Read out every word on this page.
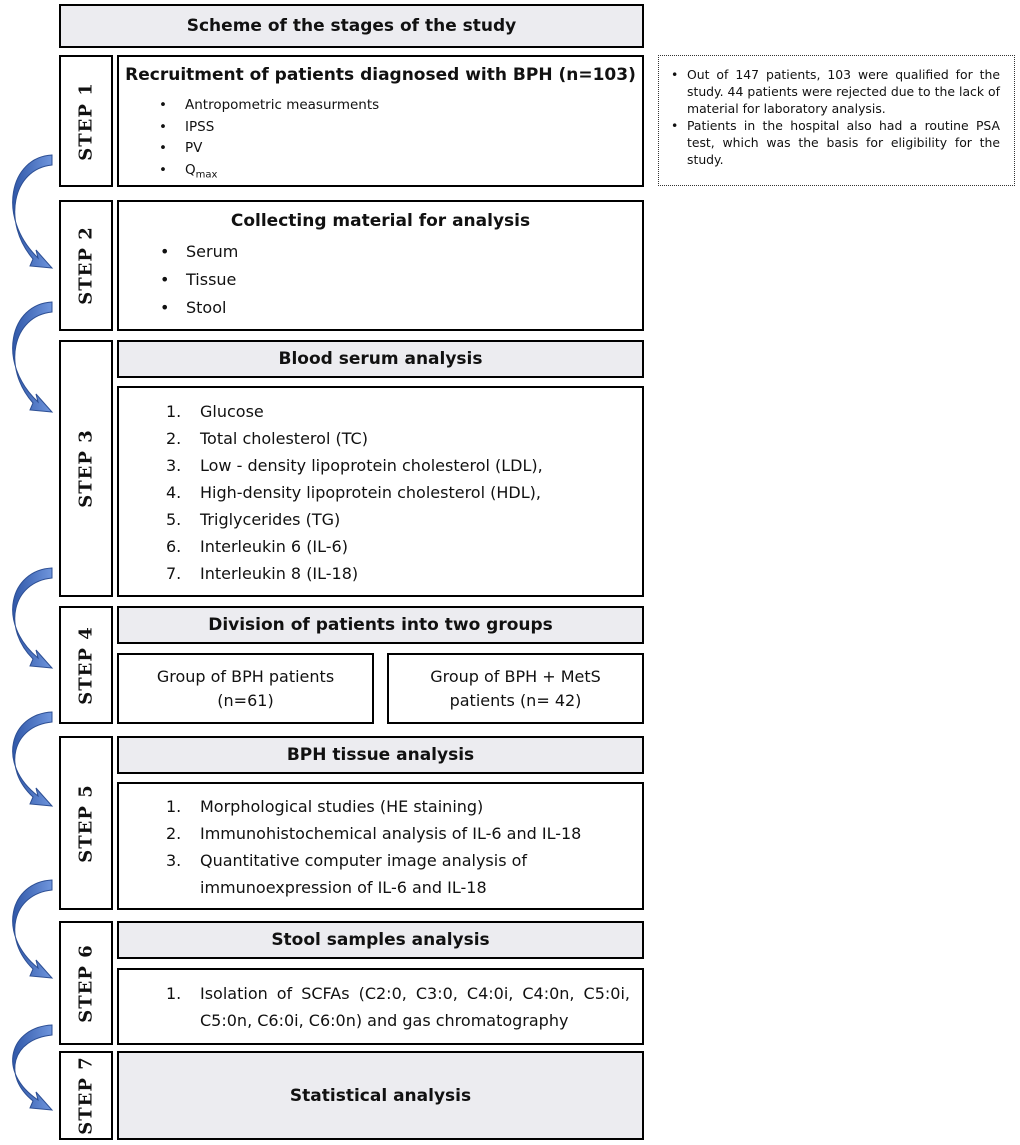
Scheme of the stages of the study
STEP 1
Recruitment of patients diagnosed with BPH (n=103)
• Antropometric measurments
• IPSS
• PV
• $Q_{max}$
• Out of 147 patients, 103 were qualified for the study. 44 patients were rejected due to the lack of material for laboratory analysis.
• Patients in the hospital also had a routine PSA test, which was the basis for eligibility for the study.
STEP 2
Collecting material for analysis
• Serum
• Tissue
• Stool
STEP 3
Blood serum analysis
1. Glucose
2. Total cholesterol (TC)
3. Low - density lipoprotein cholesterol (LDL),
4. High-density lipoprotein cholesterol (HDL),
5. Triglycerides (TG)
6. Interleukin 6 (IL-6)
7. Interleukin 8 (IL-18)
STEP 4
Division of patients into two groups
Group of BPH patients
(n=61)
Group of BPH + MetS
patients (n= 42)
STEP 5
BPH tissue analysis
1. Morphological studies (HE staining)
2. Immunohistochemical analysis of IL-6 and IL-18
3. Quantitative computer image analysis of immunoexpression of IL-6 and IL-18
STEP 6
Stool samples analysis
1. Isolation of SCFAs (C2:0, C3:0, C4:0i, C4:0n, C5:0i, C5:0n, C6:0i, C6:0n) and gas chromatography
STEP 7	Statistical analysis
